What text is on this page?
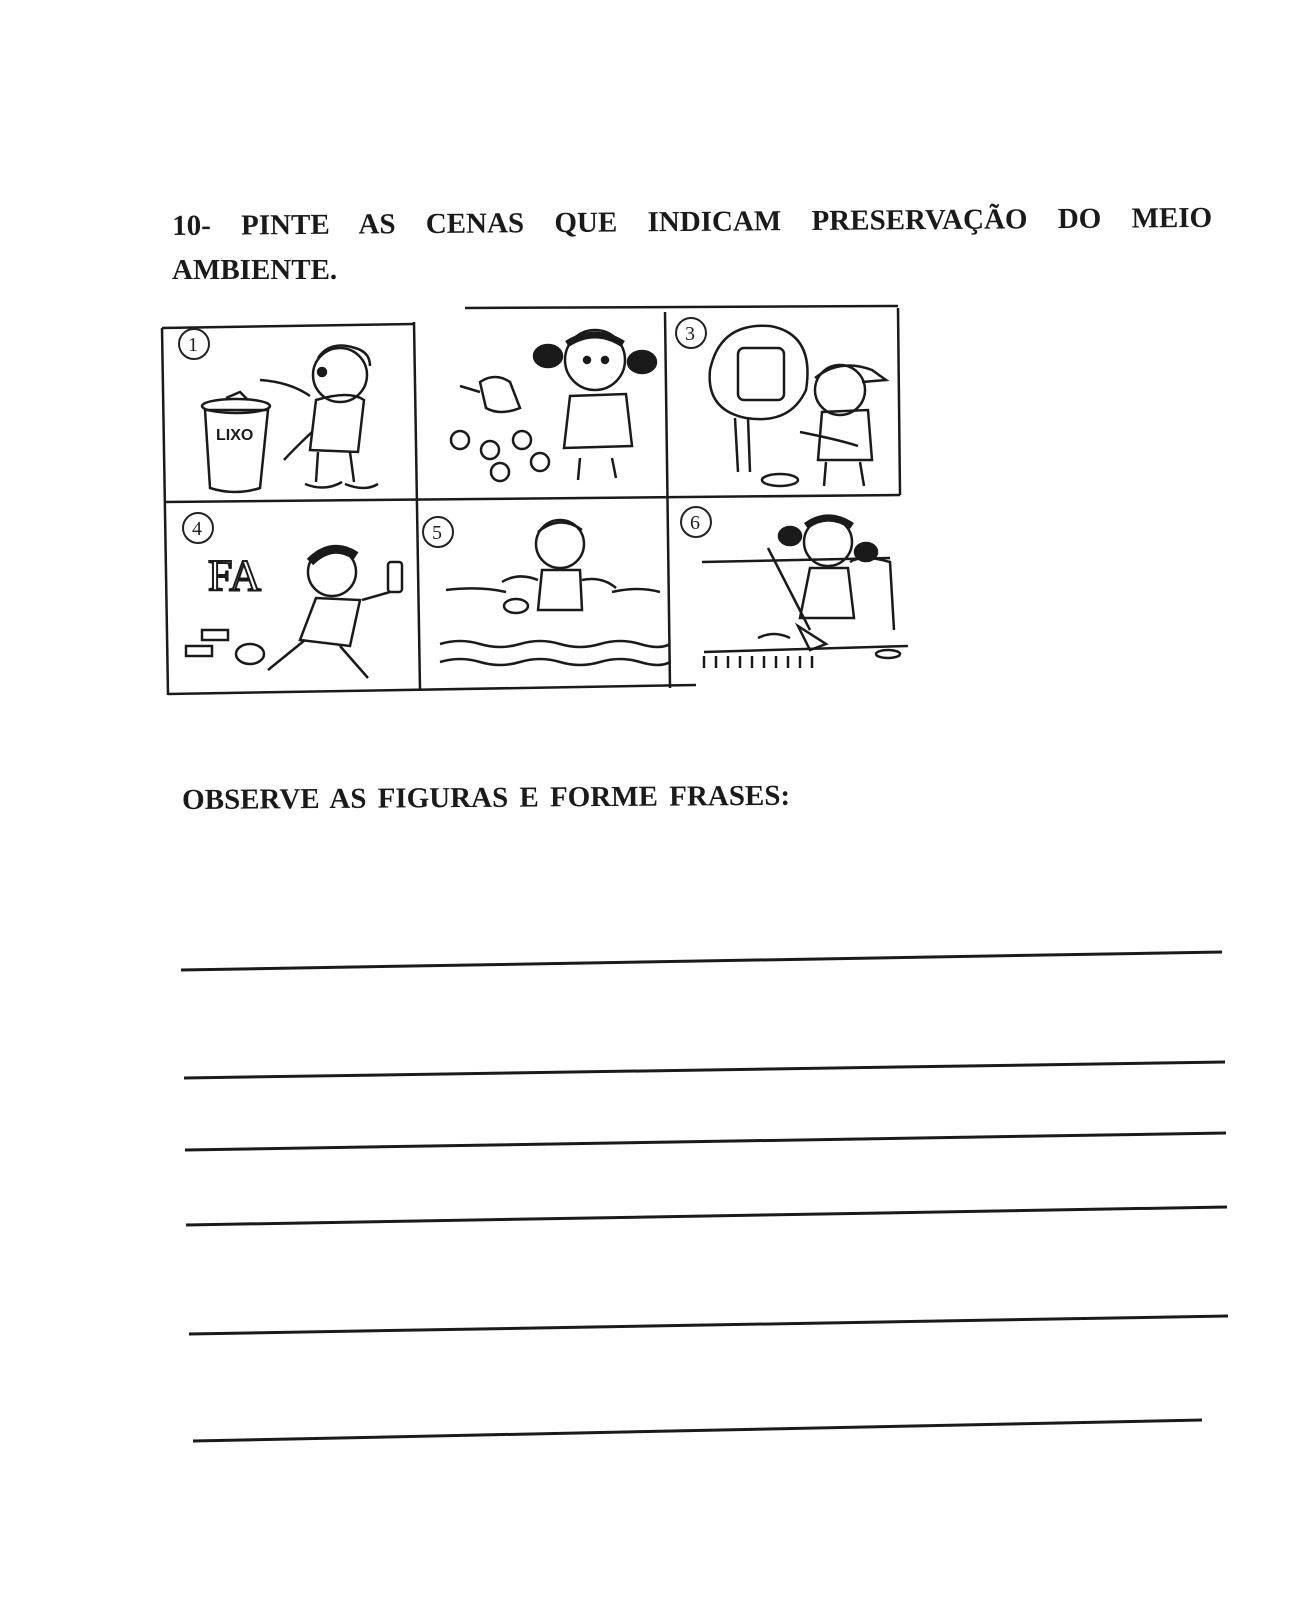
10- PINTE AS CENAS QUE INDICAM PRESERVAÇÃO DO MEIO
AMBIENTE.
1
LIXO
3
4
FA
5	6
OBSERVE AS FIGURAS E FORME FRASES:
